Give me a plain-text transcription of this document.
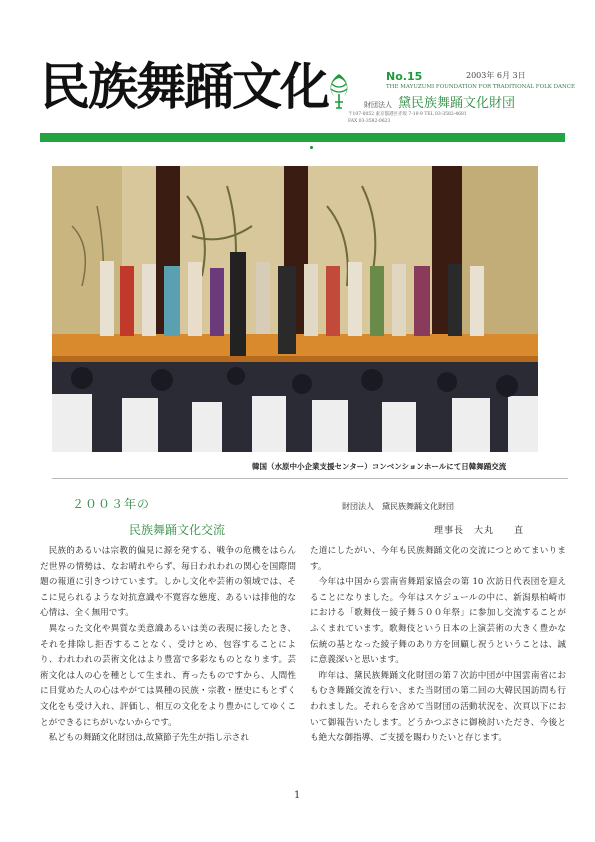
民族舞踊文化	No.15	2003年 6月 3日
THE MAYUZUMI FOUNDATION FOR TRADITIONAL FOLK DANCE
財団法人 黛民族舞踊文化財団
〒107-0052 東京都港区赤坂 7-10-9 TEL 03-3582-4681
FAX 03-3582-0623
韓国（水原中小企業支援センター）コンベンションホールにて日韓舞踊交流
２００３年の
民族舞踊文化交流
財団法人　黛民族舞踊文化財団
理事長　大丸　　直

民族的あるいは宗教的偏見に源を発する、戦争の危機をはらんだ世界の情勢は、なお晴れやらず、毎日われわれの関心を国際問題の報道に引きつけています。しかし文化や芸術の領域では、そこに見られるような対抗意識や不寛容な態度、あるいは排他的な心情は、全く無用です。

異なった文化や異質な美意識あるいは美の表現に接したとき、それを排除し拒否することなく、受けとめ、包容することにより、われわれの芸術文化はより豊富で多彩なものとなります。芸術文化は人の心を種として生まれ、育ったものですから、人間性に目覚めた人の心はやがては異種の民族・宗教・歴史にもとずく文化をも受け入れ、評価し、相互の文化をより豊かにしてゆくことができるにちがいないからです。

私どもの舞踊文化財団は,故黛節子先生が指し示され

た道にしたがい、今年も民族舞踊文化の交流につとめてまいります。

今年は中国から雲南省舞蹈家協会の第 10 次訪日代表団を迎えることになりました。今年はスケジュールの中に、新潟県柏崎市における「歌舞伎－綾子舞５００年祭」に参加し交流することがふくまれています。歌舞伎という日本の上演芸術の大きく豊かな伝統の基となった綾子舞のあり方を回顧し祝うということは、誠に意義深いと思います。

昨年は、黛民族舞踊文化財団の第７次訪中団が中国雲南省におもむき舞踊交流を行い、また当財団の第二回の大韓民国訪問も行われました。それらを含めて当財団の活動状況を、次頁以下において御報告いたします。どうかつぶさに御検討いただき、今後とも絶大な御指導、ご支援を賜わりたいと存じます。

1
